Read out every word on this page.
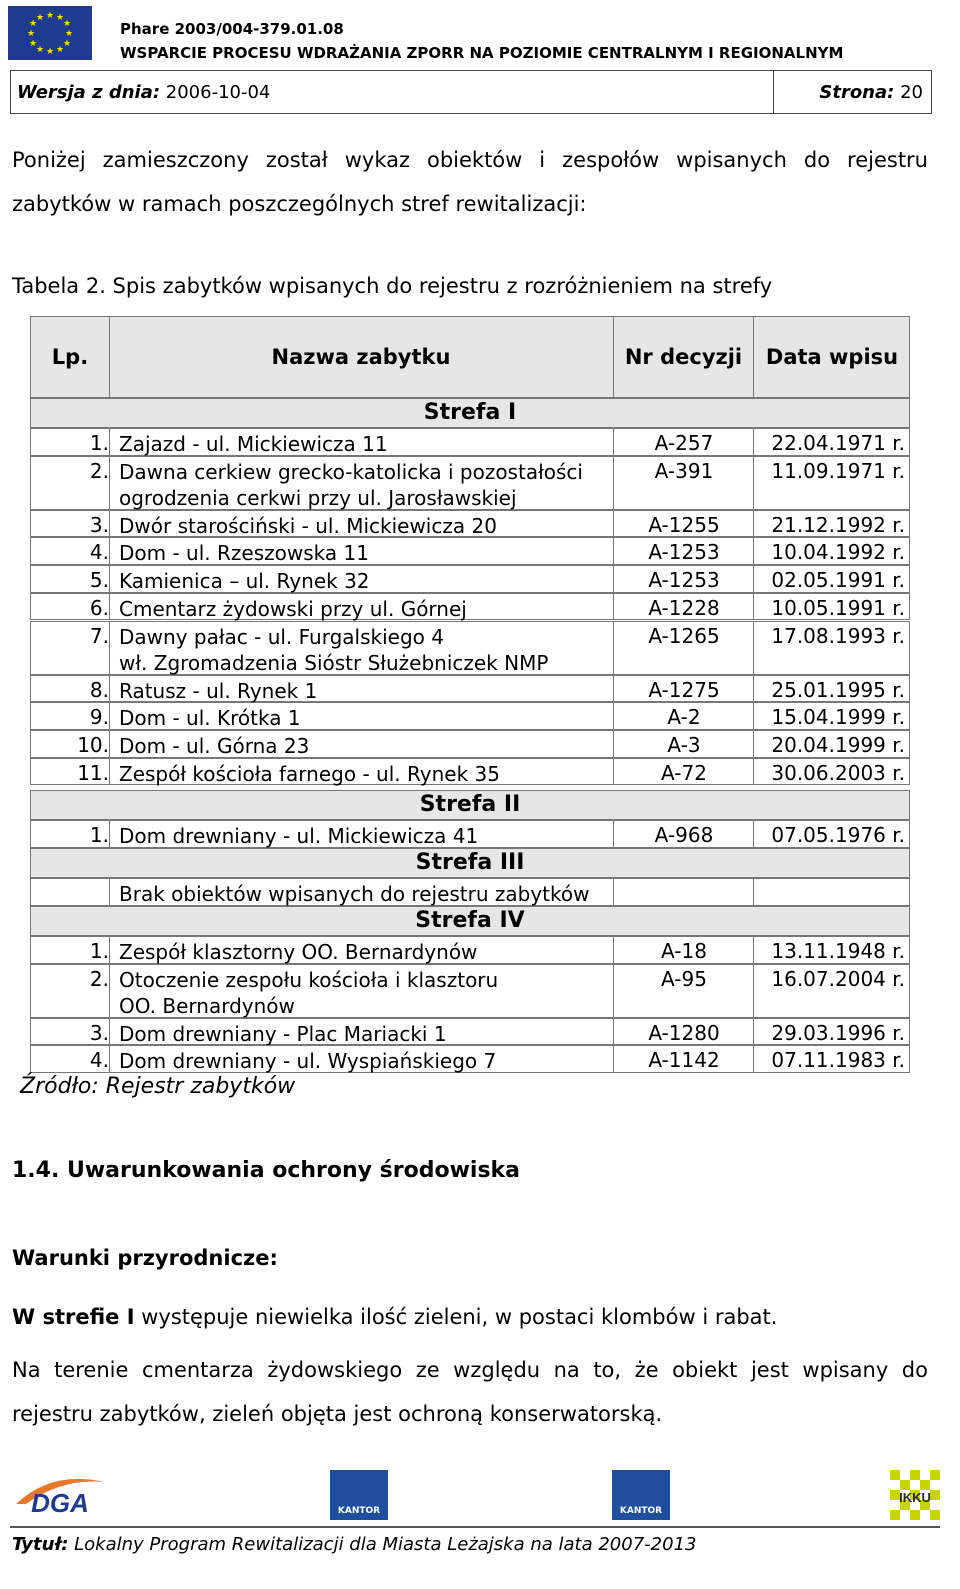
★ ★
★
★
★
★
★
★
★
★
★
★
Phare 2003/004-379.01.08
WSPARCIE PROCESU WDRAŻANIA ZPORR NA POZIOMIE CENTRALNYM I REGIONALNYM
Wersja z dnia: 2006-10-04	Strona: 20
Poniżej zamieszczony został wykaz obiektów i zespołów wpisanych do rejestru zabytków w ramach poszczególnych stref rewitalizacji:
Tabela 2. Spis zabytków wpisanych do rejestru z rozróżnieniem na strefy
Lp.	Nazwa zabytku	Nr decyzji	Data wpisu
Strefa I
1. Zajazd - ul. Mickiewicza 11	A-257	22.04.1971 r.
2. Dawna cerkiew grecko-katolicka i pozostałości
ogrodzenia cerkwi przy ul. Jarosławskiej
A-391	11.09.1971 r.
3. Dwór starościński - ul. Mickiewicza 20	A-1255	21.12.1992 r.
4. Dom - ul. Rzeszowska 11	A-1253	10.04.1992 r.
5. Kamienica – ul. Rynek 32	A-1253	02.05.1991 r.
6. Cmentarz żydowski przy ul. Górnej	A-1228	10.05.1991 r.
7. Dawny pałac - ul. Furgalskiego 4
wł. Zgromadzenia Sióstr Służebniczek NMP
A-1265	17.08.1993 r.
8. Ratusz - ul. Rynek 1	A-1275	25.01.1995 r.
9. Dom - ul. Krótka 1	A-2	15.04.1999 r.
10. Dom - ul. Górna 23	A-3	20.04.1999 r.
11. Zespół kościoła farnego - ul. Rynek 35	A-72	30.06.2003 r.
Strefa II
1. Dom drewniany - ul. Mickiewicza 41	A-968	07.05.1976 r.
Strefa III
Brak obiektów wpisanych do rejestru zabytków
Strefa IV
1. Zespół klasztorny OO. Bernardynów	A-18	13.11.1948 r.
2. Otoczenie zespołu kościoła i klasztoru
OO. Bernardynów
A-95	16.07.2004 r.
3. Dom drewniany - Plac Mariacki 1	A-1280	29.03.1996 r.
4. Dom drewniany - ul. Wyspiańskiego 7	A-1142	07.11.1983 r.
Źródło: Rejestr zabytków
1.4. Uwarunkowania ochrony środowiska
Warunki przyrodnicze:
W strefie I występuje niewielka ilość zieleni, w postaci klombów i rabat.
Na terenie cmentarza żydowskiego ze względu na to, że obiekt jest wpisany do rejestru zabytków, zieleń objęta jest ochroną konserwatorską.
DGA	KANTOR	KANTOR
IKKU
Tytuł: Lokalny Program Rewitalizacji dla Miasta Leżajska na lata 2007-2013
